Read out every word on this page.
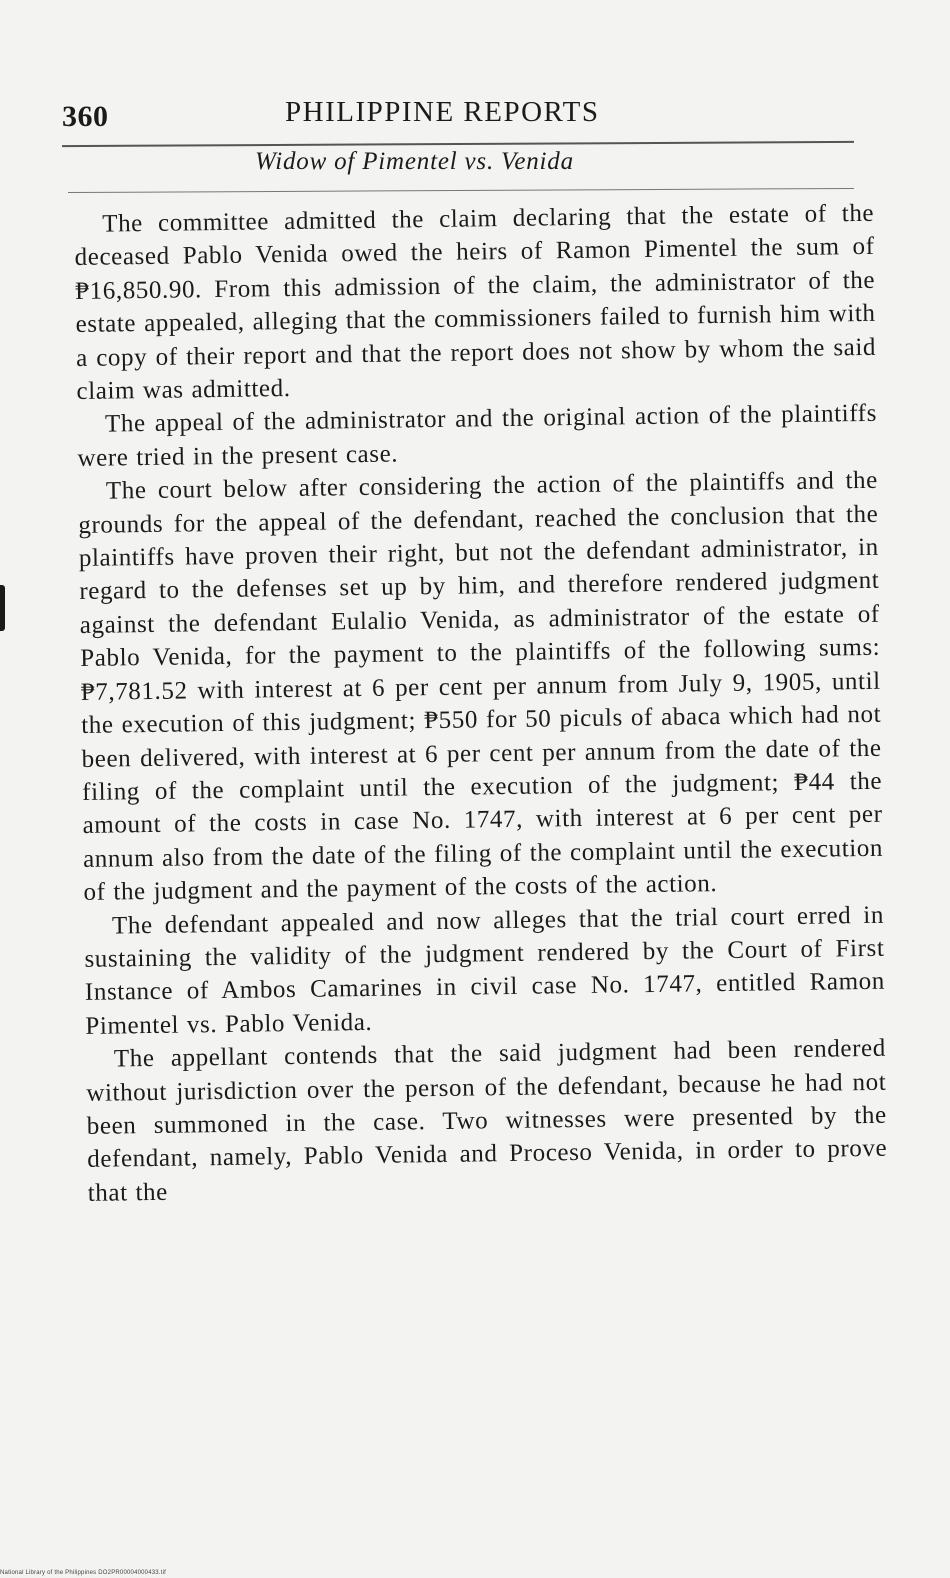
360	PHILIPPINE REPORTS
Widow of Pimentel vs. Venida

The committee admitted the claim declaring that the estate of the deceased Pablo Venida owed the heirs of Ramon Pimentel the sum of ₱16,850.90. From this admission of the claim, the administrator of the estate appealed, alleging that the commissioners failed to furnish him with a copy of their report and that the report does not show by whom the said claim was admitted.

The appeal of the administrator and the original action of the plaintiffs were tried in the present case.

The court below after considering the action of the plaintiffs and the grounds for the appeal of the defendant, reached the conclusion that the plaintiffs have proven their right, but not the defendant administrator, in regard to the defenses set up by him, and therefore rendered judgment against the defendant Eulalio Venida, as administrator of the estate of Pablo Venida, for the payment to the plaintiffs of the following sums: ₱7,781.52 with interest at 6 per cent per annum from July 9, 1905, until the execution of this judgment; ₱550 for 50 piculs of abaca which had not been delivered, with interest at 6 per cent per annum from the date of the filing of the complaint until the execution of the judgment; ₱44 the amount of the costs in case No. 1747, with interest at 6 per cent per annum also from the date of the filing of the complaint until the execution of the judgment and the payment of the costs of the action.

The defendant appealed and now alleges that the trial court erred in sustaining the validity of the judgment rendered by the Court of First Instance of Ambos Camarines in civil case No. 1747, entitled Ramon Pimentel vs. Pablo Venida.

The appellant contends that the said judgment had been rendered without jurisdiction over the person of the defendant, because he had not been summoned in the case. Two witnesses were presented by the defendant, namely, Pablo Venida and Proceso Venida, in order to prove that the

National Library of the Philippines DO2PR00004000433.tif
